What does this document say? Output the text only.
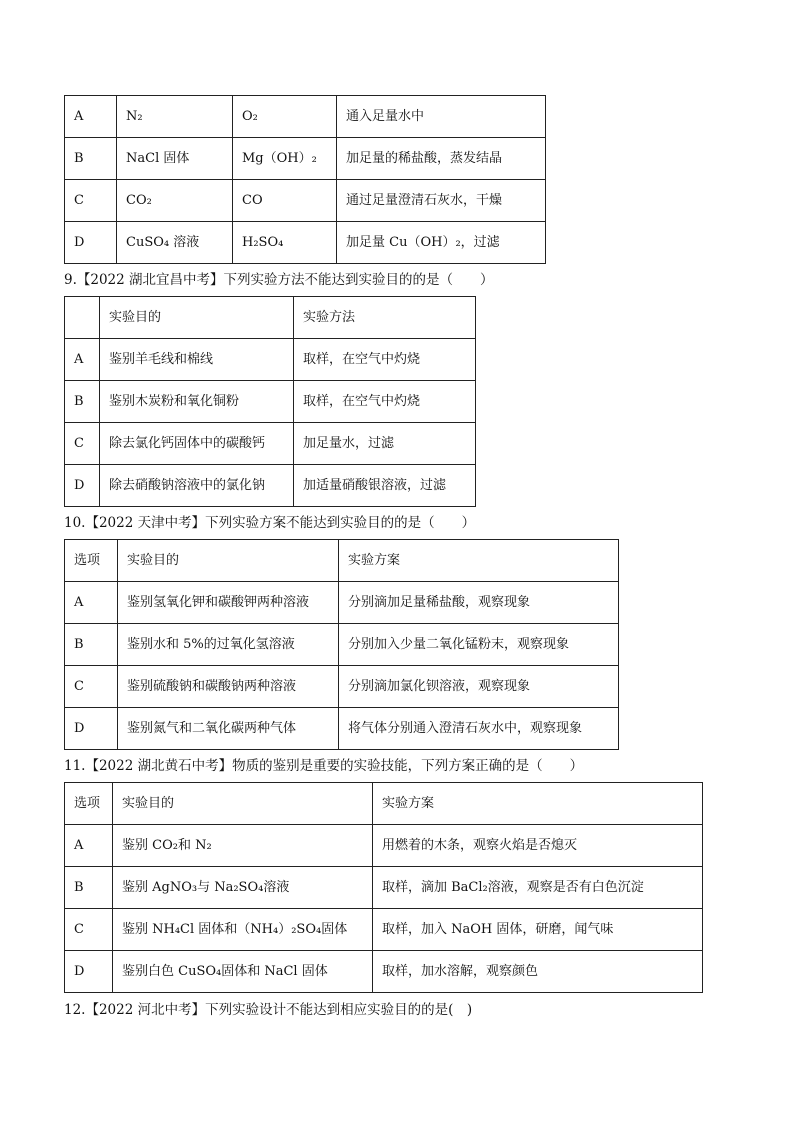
A	N₂	O₂	通入足量水中
B	NaCl 固体	Mg（OH）₂	加足量的稀盐酸，蒸发结晶
C	CO₂	CO	通过足量澄清石灰水，干燥
D	CuSO₄ 溶液	H₂SO₄	加足量 Cu（OH）₂，过滤
9.【2022 湖北宜昌中考】下列实验方法不能达到实验目的的是（　　）
	实验目的	实验方法
A	鉴别羊毛线和棉线	取样，在空气中灼烧
B	鉴别木炭粉和氧化铜粉	取样，在空气中灼烧
C	除去氯化钙固体中的碳酸钙	加足量水，过滤
D	除去硝酸钠溶液中的氯化钠	加适量硝酸银溶液，过滤
10.【2022 天津中考】下列实验方案不能达到实验目的的是（　　）
选项	实验目的	实验方案
A	鉴别氢氧化钾和碳酸钾两种溶液	分别滴加足量稀盐酸，观察现象
B	鉴别水和 5%的过氧化氢溶液	分别加入少量二氧化锰粉末，观察现象
C	鉴别硫酸钠和碳酸钠两种溶液	分别滴加氯化钡溶液，观察现象
D	鉴别氮气和二氧化碳两种气体	将气体分别通入澄清石灰水中，观察现象
11.【2022 湖北黄石中考】物质的鉴别是重要的实验技能，下列方案正确的是（　　）
选项	实验目的	实验方案
A	鉴别 CO₂和 N₂	用燃着的木条，观察火焰是否熄灭
B	鉴别 AgNO₃与 Na₂SO₄溶液	取样，滴加 BaCl₂溶液，观察是否有白色沉淀
C	鉴别 NH₄Cl 固体和（NH₄）₂SO₄固体	取样，加入 NaOH 固体，研磨，闻气味
D	鉴别白色 CuSO₄固体和 NaCl 固体	取样，加水溶解，观察颜色
12.【2022 河北中考】下列实验设计不能达到相应实验目的的是(　)
